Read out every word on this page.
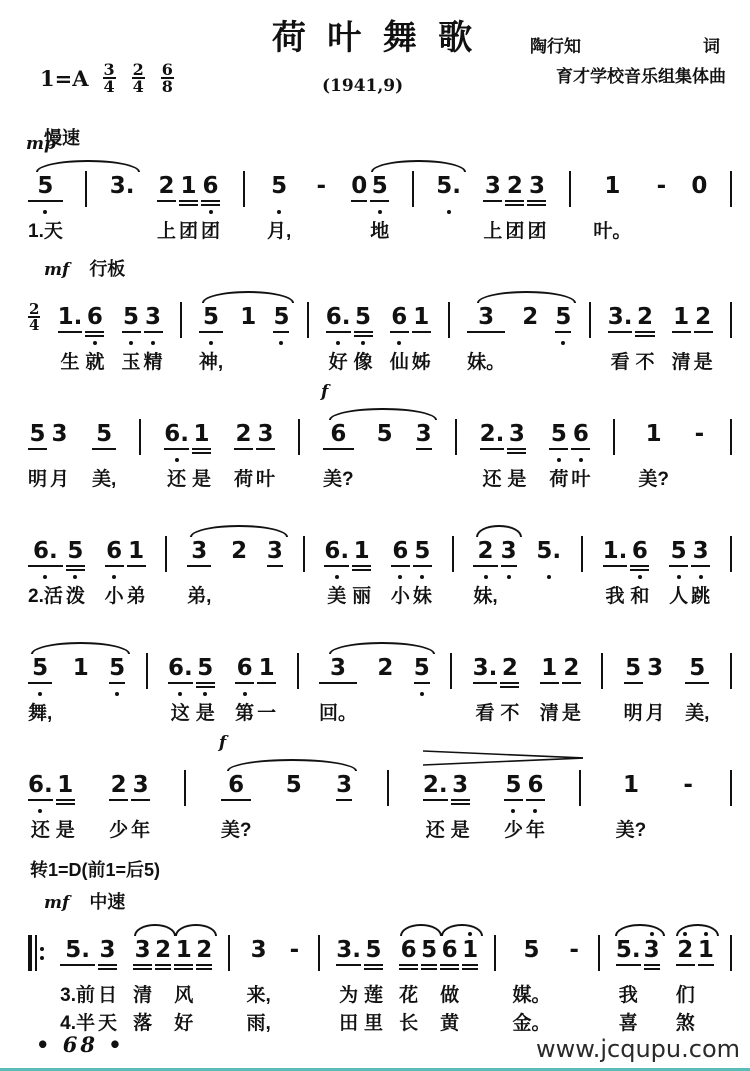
荷 叶 舞 歌	陶行知	词
育才学校音乐组集体曲
$1=A \frac{3}{4} \frac{2}{4} \frac{6}{8}$	(1941,9)
慢速
mp
5
1.天
3. 2
上
1
团
6
团
5
月,
- 0 5
地
5. 3
上
2
团
3
团
1
叶。
- 0
mf 行板
$\frac{2}{4} 1$.
生
6
就
5
玉
3
精
5
神,
1 5 6.
好
5
像
6
仙
1
姊
3
妹。
2 5 3.
看
2
不
1
清
2
是
5
明
3
月
5
美,
6.
还
1
是
2
荷
3
叶
f
6
美?
5 3 2.
还
3
是
5
荷
6
叶
1
美?
-
6.
2.活
5
泼
6
小
1
弟
3
弟,
2 3 6.
美
1
丽
6
小
5
妹
2
妹,
3 5. 1.
我
6
和
5
人
3
跳
5
舞,
1 5 6.
这
5
是
6
第
1
一
3
回。
2 5 3.
看
2
不
1
清
2
是
5
明
3
月
5
美,
6.
还
1
是
2
少
3
年
f
6
美?
5 3	2.
还
3
是
5
少
6
年
1
美?
-
转1=D(前1=后5)
mf 中速
5.
3.前
4.半
3
日
天
3
清
落
2 1
风
好
2 3
来,
雨,
- 3.
为
田
5
莲
里
6
花
长
5 6
做
黄
1 5
媒。
金。
- 5.
我
喜
3 2
们
煞
1
• 68 •	www.jcqupu.com
